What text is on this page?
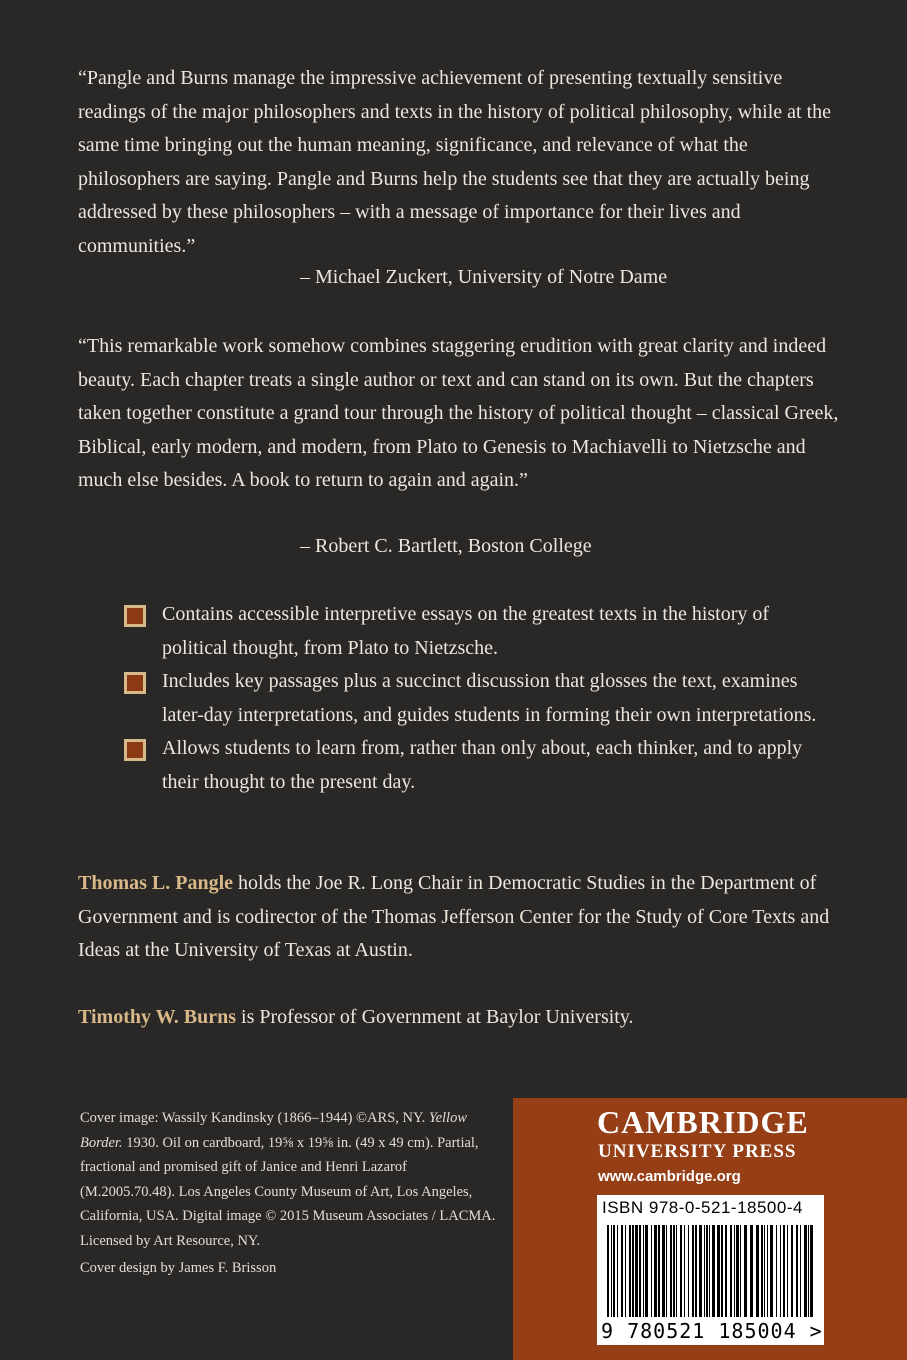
“Pangle and Burns manage the impressive achievement of presenting textually sensitive readings of the major philosophers and texts in the history of political philosophy, while at the same time bringing out the human meaning, significance, and relevance of what the philosophers are saying. Pangle and Burns help the students see that they are actually being addressed by these philosophers – with a message of importance for their lives and communities.”

– Michael Zuckert, University of Notre Dame

“This remarkable work somehow combines staggering erudition with great clarity and indeed beauty. Each chapter treats a single author or text and can stand on its own. But the chapters taken together constitute a grand tour through the history of political thought – classical Greek, Biblical, early modern, and modern, from Plato to Genesis to Machiavelli to Nietzsche and much else besides. A book to return to again and again.”

– Robert C. Bartlett, Boston College
Contains accessible interpretive essays on the greatest texts in the history of political thought, from Plato to Nietzsche.
Includes key passages plus a succinct discussion that glosses the text, examines later-day interpretations, and guides students in forming their own interpretations.
Allows students to learn from, rather than only about, each thinker, and to apply their thought to the present day.

Thomas L. Pangle holds the Joe R. Long Chair in Democratic Studies in the Department of Government and is codirector of the Thomas Jefferson Center for the Study of Core Texts and Ideas at the University of Texas at Austin.

Timothy W. Burns is Professor of Government at Baylor University.

Cover image: Wassily Kandinsky (1866–1944) ©ARS, NY. Yellow Border. 1930. Oil on cardboard, 19⅝ x 19⅝ in. (49 x 49 cm). Partial, fractional and promised gift of Janice and Henri Lazarof (M.2005.70.48). Los Angeles County Museum of Art, Los Angeles, California, USA. Digital image © 2015 Museum Associates / LACMA. Licensed by Art Resource, NY.
Cover design by James F. Brisson
CAMBRIDGE
UNIVERSITY PRESS
www.cambridge.org
ISBN 978-0-521-18500-4
9 780521 185004 >
